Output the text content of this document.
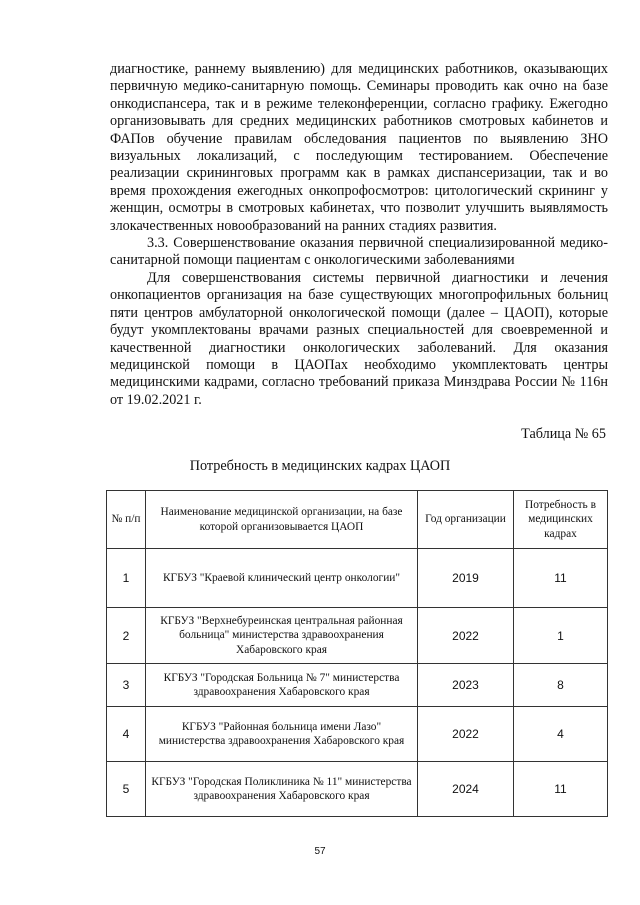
диагностике, раннему выявлению) для медицинских работников, оказывающих первичную медико-санитарную помощь. Семинары проводить как очно на базе онкодиспансера, так и в режиме телеконференции, согласно графику. Ежегодно организовывать для средних медицинских работников смотровых кабинетов и ФАПов обучение правилам обследования пациентов по выявлению ЗНО визуальных локализаций, с последующим тестированием. Обеспечение реализации скрининговых программ как в рамках диспансеризации, так и во время прохождения ежегодных онкопрофосмотров: цитологический скрининг у женщин, осмотры в смотровых кабинетах, что позволит улучшить выявлямость злокачественных новообразований на ранних стадиях развития.

3.3. Совершенствование оказания первичной специализированной медико-санитарной помощи пациентам с онкологическими заболеваниями

Для совершенствования системы первичной диагностики и лечения онкопациентов организация на базе существующих многопрофильных больниц пяти центров амбулаторной онкологической помощи (далее – ЦАОП), которые будут укомплектованы врачами разных специальностей для своевременной и качественной диагностики онкологических заболеваний. Для оказания медицинской помощи в ЦАОПах необходимо укомплектовать центры медицинскими кадрами, согласно требований приказа Минздрава России № 116н от 19.02.2021 г.

Таблица № 65
Потребность в медицинских кадрах ЦАОП
№ п/п	Наименование медицинской организации, на базе которой организовывается ЦАОП	Год организации	Потребность в медицинских кадрах
1	КГБУЗ "Краевой клинический центр онкологии"	2019	11
2	КГБУЗ "Верхнебуреинская центральная районная больница" министерства здравоохранения Хабаровского края	2022	1
3	КГБУЗ "Городская Больница № 7" министерства здравоохранения Хабаровского края	2023	8
4	КГБУЗ "Районная больница имени Лазо" министерства здравоохранения Хабаровского края	2022	4
5	КГБУЗ "Городская Поликлиника № 11" министерства здравоохранения Хабаровского края	2024	11
57
